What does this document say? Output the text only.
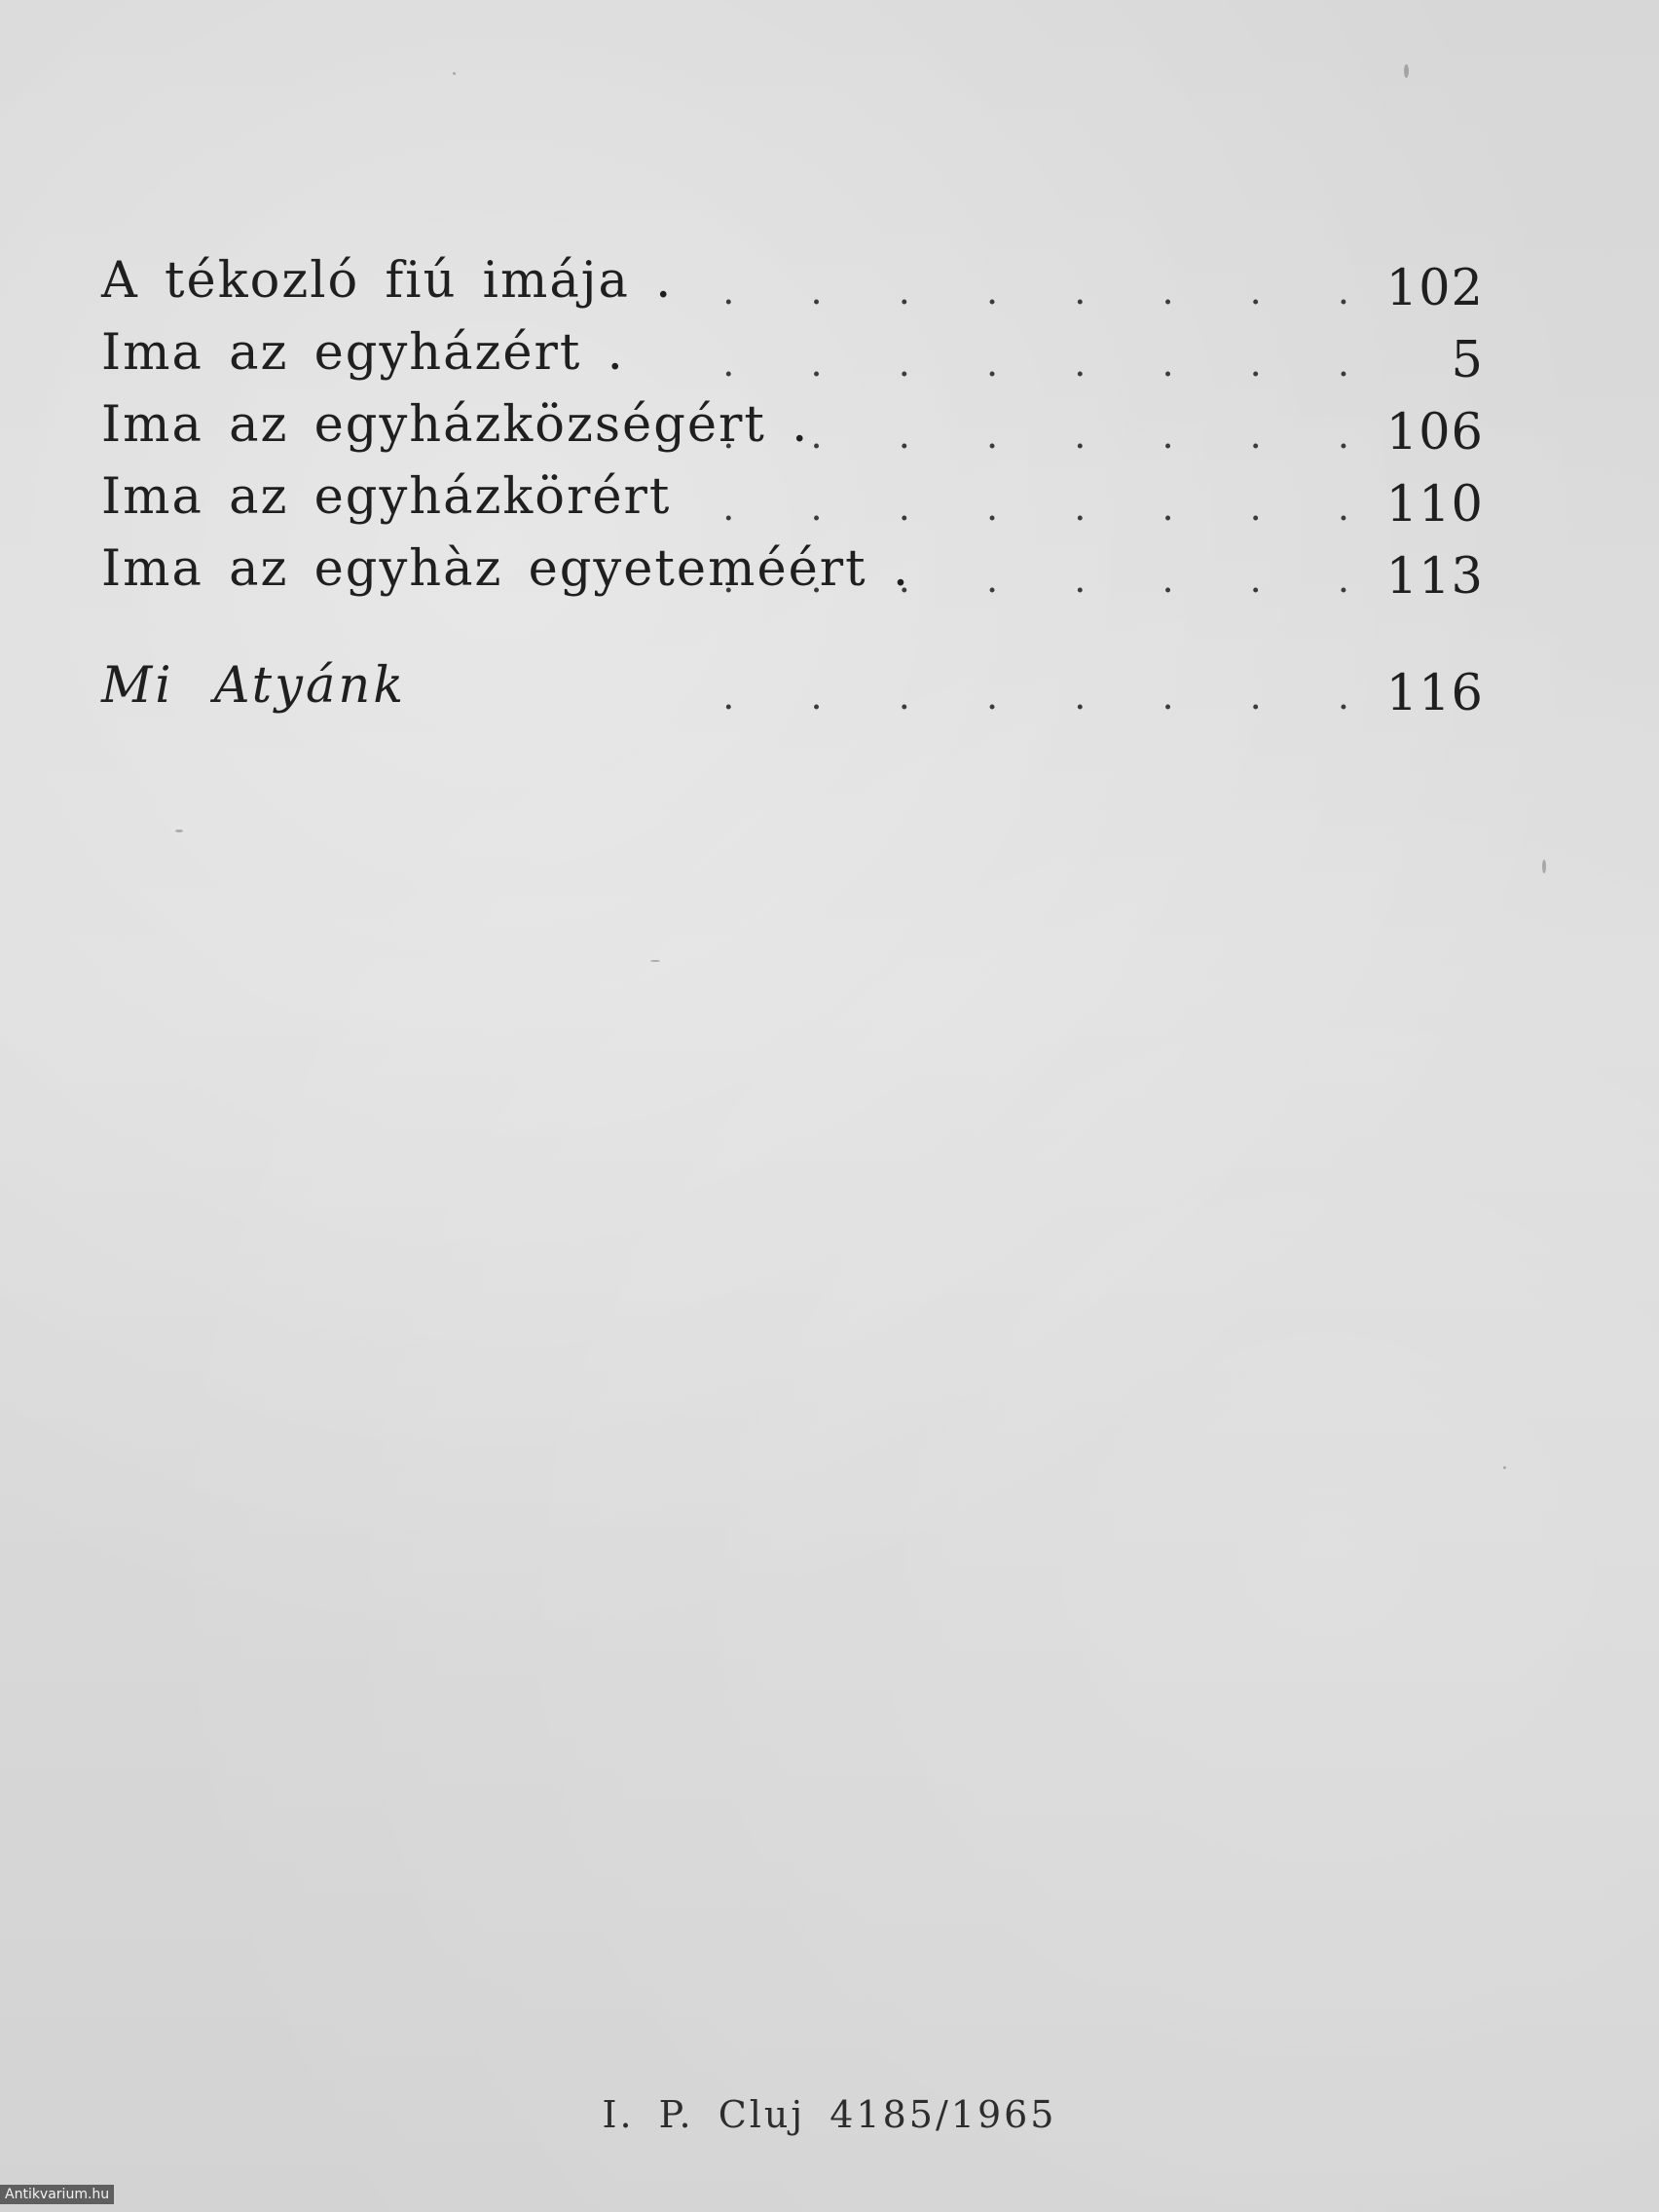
A tékozló fiú imája . . .	102
Ima az egyházért . . .	5
Ima az egyházközségért . . .	106
Ima az egyházkörért . .	110
Ima az egyhàz egyeteméért . . .	113
Mi Atyánk . .	116
I. P. Cluj 4185/1965
Antikvarium.hu
